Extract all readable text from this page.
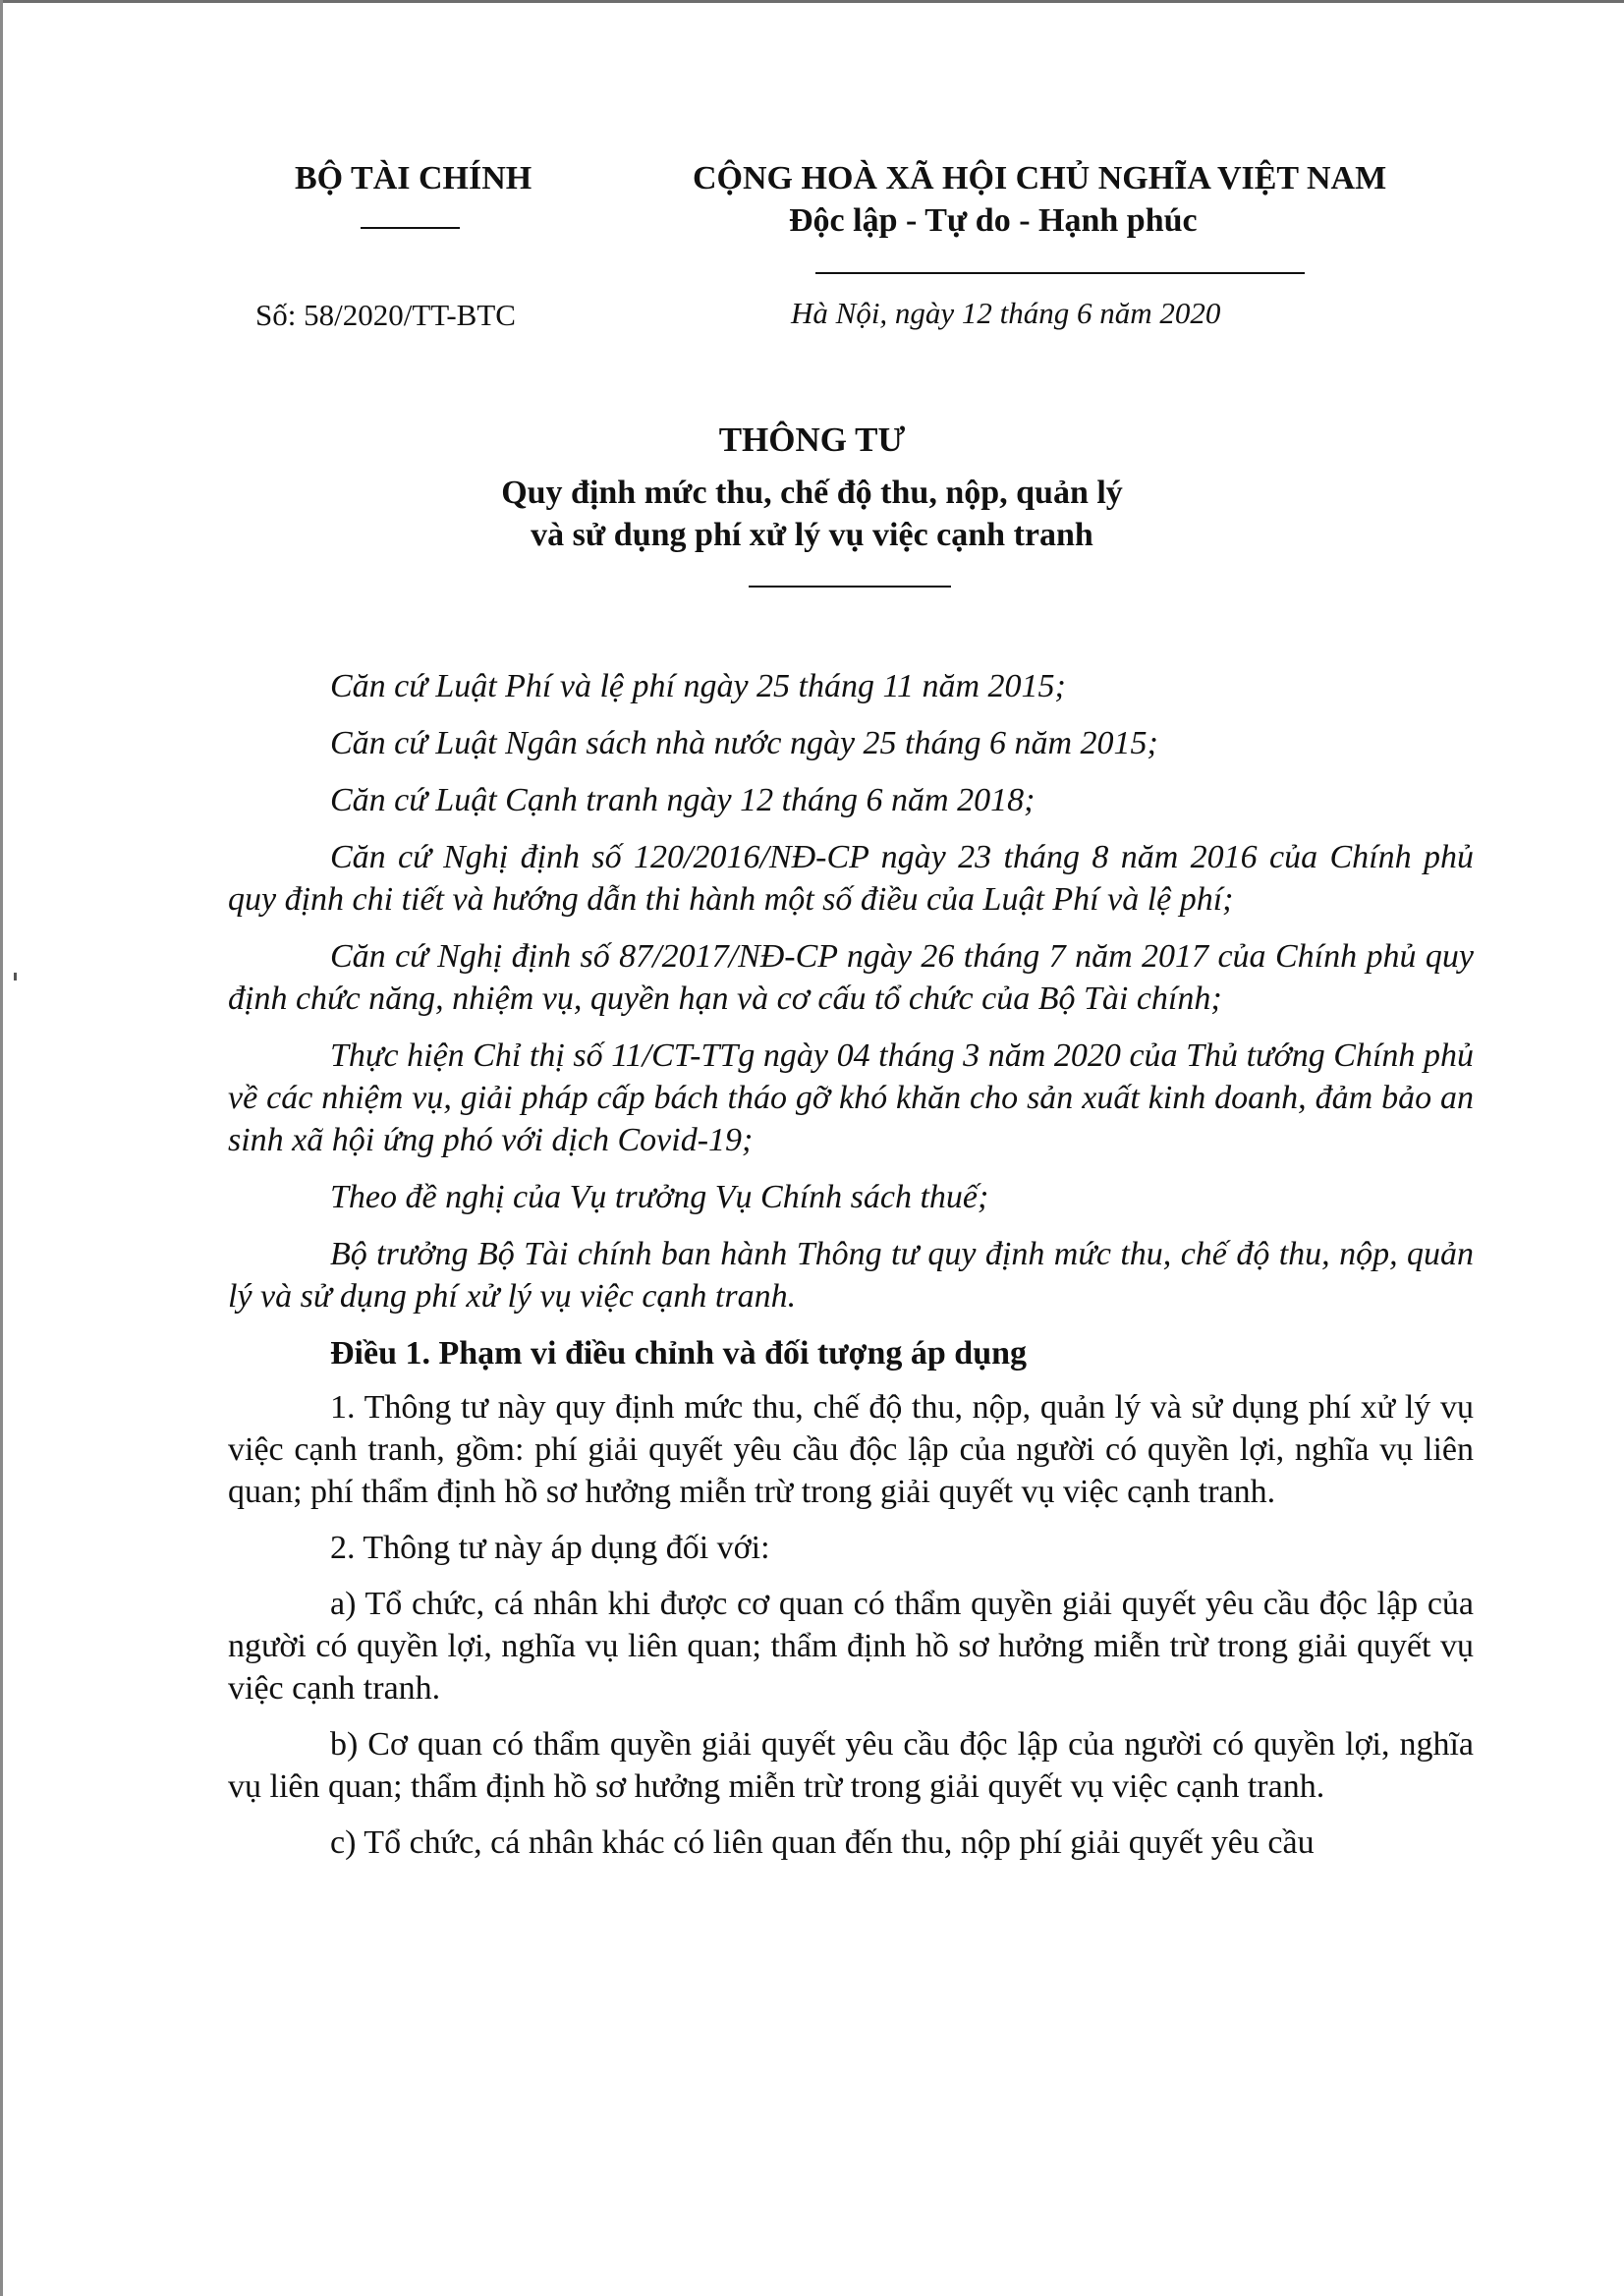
BỘ TÀI CHÍNH	CỘNG HOÀ XÃ HỘI CHỦ NGHĨA VIỆT NAM
Độc lập - Tự do - Hạnh phúc
Số: 58/2020/TT-BTC	Hà Nội, ngày 12 tháng 6 năm 2020
THÔNG TƯ
Quy định mức thu, chế độ thu, nộp, quản lý
và sử dụng phí xử lý vụ việc cạnh tranh

Căn cứ Luật Phí và lệ phí ngày 25 tháng 11 năm 2015;

Căn cứ Luật Ngân sách nhà nước ngày 25 tháng 6 năm 2015;

Căn cứ Luật Cạnh tranh ngày 12 tháng 6 năm 2018;

Căn cứ Nghị định số 120/2016/NĐ-CP ngày 23 tháng 8 năm 2016 của Chính phủ quy định chi tiết và hướng dẫn thi hành một số điều của Luật Phí và lệ phí;

Căn cứ Nghị định số 87/2017/NĐ-CP ngày 26 tháng 7 năm 2017 của Chính phủ quy định chức năng, nhiệm vụ, quyền hạn và cơ cấu tổ chức của Bộ Tài chính;

Thực hiện Chỉ thị số 11/CT-TTg ngày 04 tháng 3 năm 2020 của Thủ tướng Chính phủ về các nhiệm vụ, giải pháp cấp bách tháo gỡ khó khăn cho sản xuất kinh doanh, đảm bảo an sinh xã hội ứng phó với dịch Covid-19;

Theo đề nghị của Vụ trưởng Vụ Chính sách thuế;

Bộ trưởng Bộ Tài chính ban hành Thông tư quy định mức thu, chế độ thu, nộp, quản lý và sử dụng phí xử lý vụ việc cạnh tranh.

Điều 1. Phạm vi điều chỉnh và đối tượng áp dụng

1. Thông tư này quy định mức thu, chế độ thu, nộp, quản lý và sử dụng phí xử lý vụ việc cạnh tranh, gồm: phí giải quyết yêu cầu độc lập của người có quyền lợi, nghĩa vụ liên quan; phí thẩm định hồ sơ hưởng miễn trừ trong giải quyết vụ việc cạnh tranh.

2. Thông tư này áp dụng đối với:

a) Tổ chức, cá nhân khi được cơ quan có thẩm quyền giải quyết yêu cầu độc lập của người có quyền lợi, nghĩa vụ liên quan; thẩm định hồ sơ hưởng miễn trừ trong giải quyết vụ việc cạnh tranh.

b) Cơ quan có thẩm quyền giải quyết yêu cầu độc lập của người có quyền lợi, nghĩa vụ liên quan; thẩm định hồ sơ hưởng miễn trừ trong giải quyết vụ việc cạnh tranh.

c) Tổ chức, cá nhân khác có liên quan đến thu, nộp phí giải quyết yêu cầu
